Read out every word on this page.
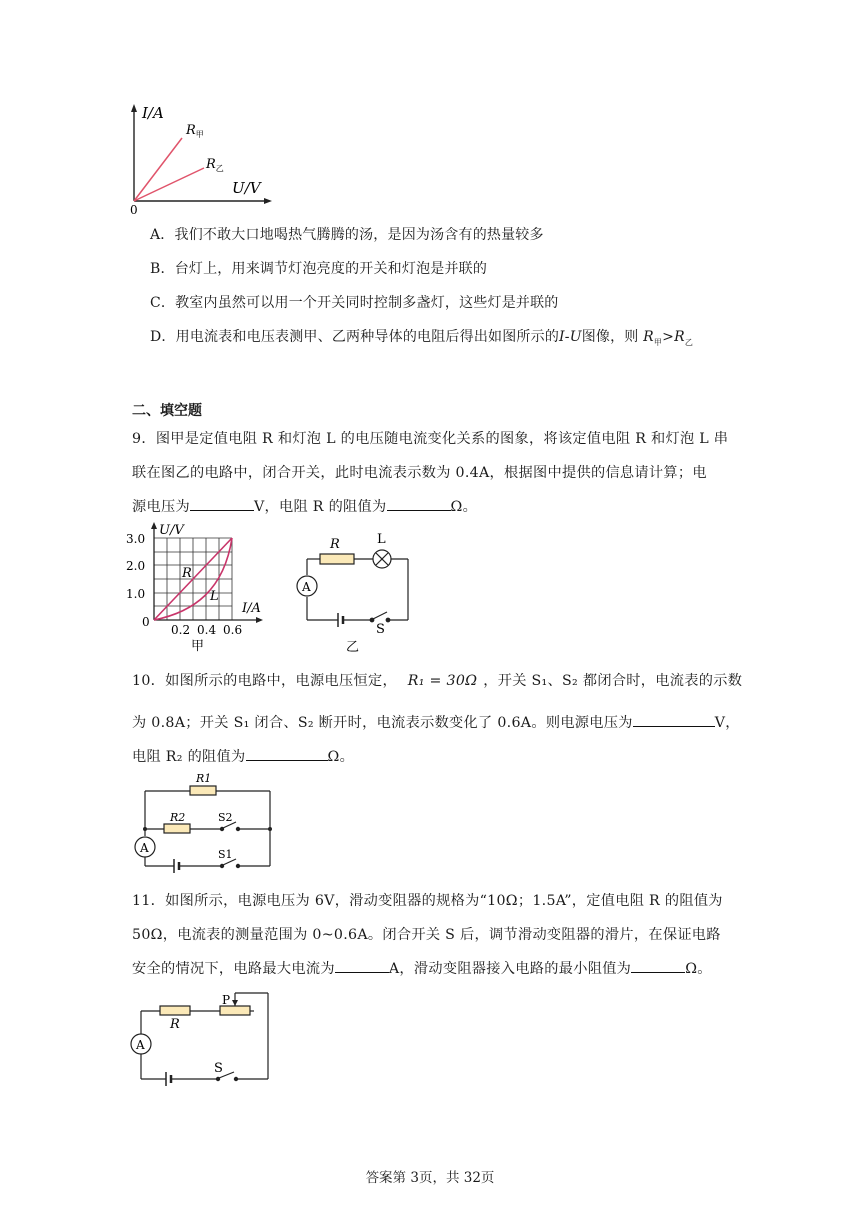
I/A
U/V
0
$R_甲$
$R_乙$
A．我们不敢大口地喝热气腾腾的汤，是因为汤含有的热量较多
B．台灯上，用来调节灯泡亮度的开关和灯泡是并联的
C．教室内虽然可以用一个开关同时控制多盏灯，这些灯是并联的
D．用电流表和电压表测甲、乙两种导体的电阻后得出如图所示的I-U图像，则 $R_甲>R_乙$
二、填空题
9．图甲是定值电阻 R 和灯泡 L 的电压随电流变化关系的图象，将该定值电阻 R 和灯泡 L 串
联在图乙的电路中，闭合开关，此时电流表示数为 0.4A，根据图中提供的信息请计算；电
源电压为	V，电阻 R 的阻值为	Ω。
U/V
I/A
3.0
2.0
1.0
0
0.2 0.4 0.6
R
L
甲
R	L
A
S
乙
10．如图所示的电路中，电源电压恒定， R₁ = 30Ω ，开关 S₁、S₂ 都闭合时，电流表的示数
为 0.8A；开关 S₁ 闭合、S₂ 断开时，电流表示数变化了 0.6A。则电源电压为	V，
电阻 R₂ 的阻值为	Ω。
R1
R2	S2
S1
A
11．如图所示，电源电压为 6V，滑动变阻器的规格为“10Ω；1.5A”，定值电阻 R 的阻值为
50Ω，电流表的测量范围为 0~0.6A。闭合开关 S 后，调节滑动变阻器的滑片，在保证电路
安全的情况下，电路最大电流为	A，滑动变阻器接入电路的最小阻值为	Ω。
R
P
A
S
答案第 3页，共 32页
